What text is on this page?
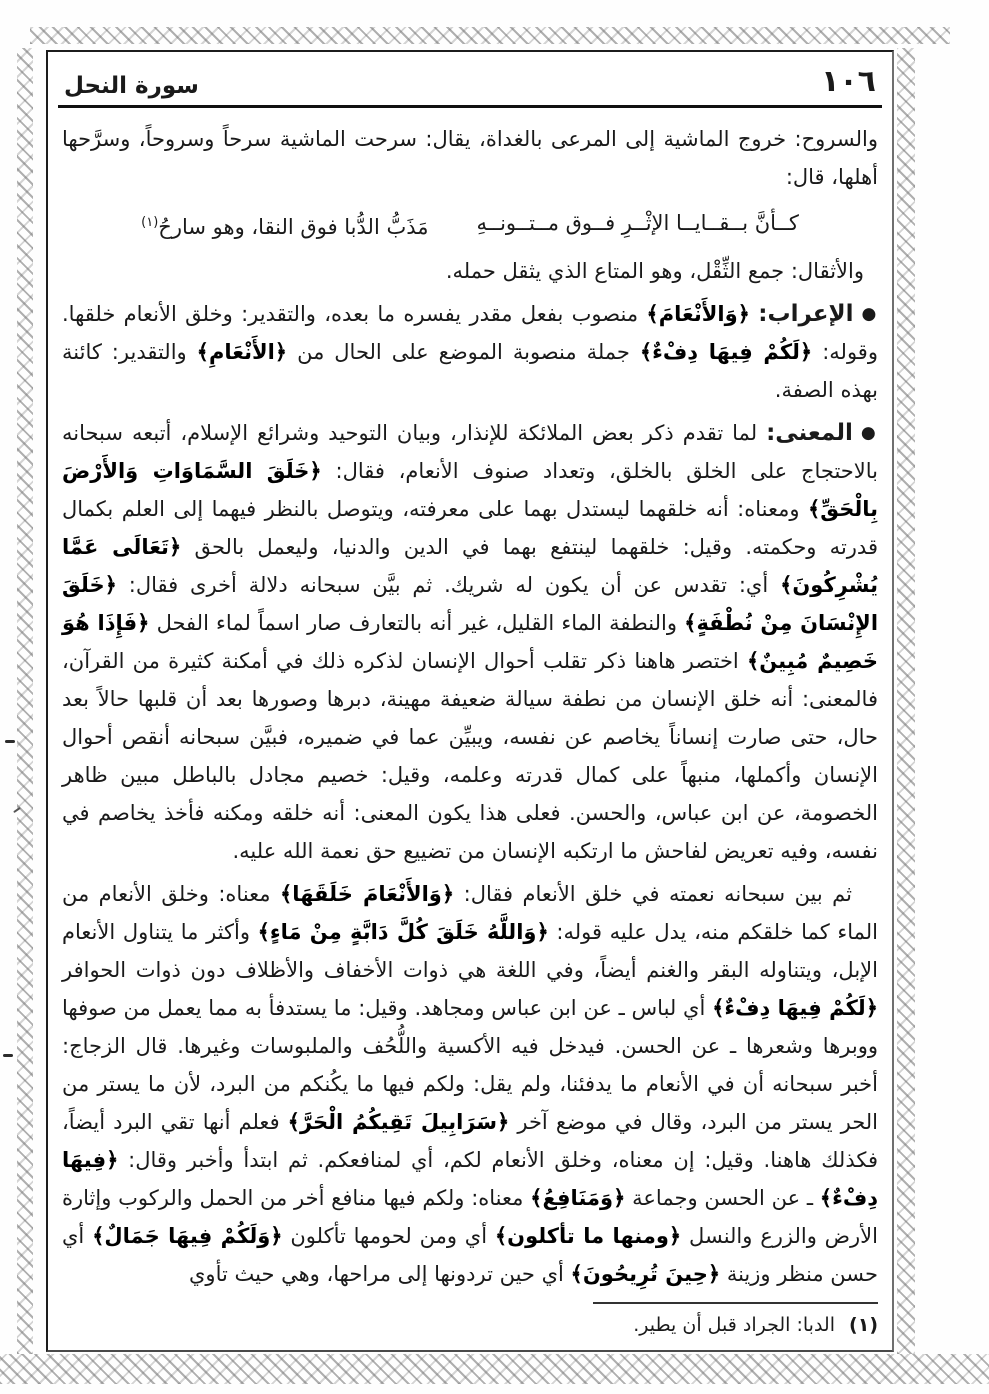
١٠٦
سورة النحل

والسروح: خروج الماشية إلى المرعى بالغداة، يقال: سرحت الماشية سرحاً وسروحاً، وسرَّحها أهلها، قال:

كــأنَّ بــقــايــا الإثْــرِ فــوق مــتــونــهِ
مَذَبُّ الدُّبا فوق النقا، وهو سارحُ$^{(١)}$

والأثقال: جمع الثِّقْل، وهو المتاع الذي يثقل حمله.

●الإعراب: ﴿وَالأَنْعَامَ﴾ منصوب بفعل مقدر يفسره ما بعده، والتقدير: وخلق الأنعام خلقها. وقوله: ﴿لَكُمْ فِيهَا دِفْءٌ﴾ جملة منصوبة الموضع على الحال من ﴿الأَنْعَامِ﴾ والتقدير: كائنة بهذه الصفة.

●المعنى: لما تقدم ذكر بعض الملائكة للإنذار، وبيان التوحيد وشرائع الإسلام، أتبعه سبحانه بالاحتجاج على الخلق بالخلق، وتعداد صنوف الأنعام، فقال: ﴿خَلَقَ السَّمَاوَاتِ وَالأَرْضَ بِالْحَقِّ﴾ ومعناه: أنه خلقهما ليستدل بهما على معرفته، ويتوصل بالنظر فيهما إلى العلم بكمال قدرته وحكمته. وقيل: خلقهما لينتفع بهما في الدين والدنيا، وليعمل بالحق ﴿تَعَالَى عَمَّا يُشْرِكُونَ﴾ أي: تقدس عن أن يكون له شريك. ثم بيَّن سبحانه دلالة أخرى فقال: ﴿خَلَقَ الإِنْسَانَ مِنْ نُطْفَةٍ﴾ والنطفة الماء القليل، غير أنه بالتعارف صار اسماً لماء الفحل ﴿فَإِذَا هُوَ خَصِيمٌ مُبِينٌ﴾ اختصر هاهنا ذكر تقلب أحوال الإنسان لذكره ذلك في أمكنة كثيرة من القرآن، فالمعنى: أنه خلق الإنسان من نطفة سيالة ضعيفة مهينة، دبرها وصورها بعد أن قلبها حالاً بعد حال، حتى صارت إنساناً يخاصم عن نفسه، ويبيِّن عما في ضميره، فبيَّن سبحانه أنقص أحوال الإنسان وأكملها، منبهاً على كمال قدرته وعلمه، وقيل: خصيم مجادل بالباطل مبين ظاهر الخصومة، عن ابن عباس، والحسن. فعلى هذا يكون المعنى: أنه خلقه ومكنه فأخذ يخاصم في نفسه، وفيه تعريض لفاحش ما ارتكبه الإنسان من تضييع حق نعمة الله عليه.

ثم بين سبحانه نعمته في خلق الأنعام فقال: ﴿وَالأَنْعَامَ خَلَقَهَا﴾ معناه: وخلق الأنعام من الماء كما خلقكم منه، يدل عليه قوله: ﴿وَاللَّهُ خَلَقَ كُلَّ دَابَّةٍ مِنْ مَاءٍ﴾ وأكثر ما يتناول الأنعام الإبل، ويتناوله البقر والغنم أيضاً، وفي اللغة هي ذوات الأخفاف والأظلاف دون ذوات الحوافر ﴿لَكُمْ فِيهَا دِفْءٌ﴾ أي لباس ـ عن ابن عباس ومجاهد. وقيل: ما يستدفأ به مما يعمل من صوفها ووبرها وشعرها ـ عن الحسن. فيدخل فيه الأكسية واللُّحُف والملبوسات وغيرها. قال الزجاج: أخبر سبحانه أن في الأنعام ما يدفئنا، ولم يقل: ولكم فيها ما يكُنكم من البرد، لأن ما يستر من الحر يستر من البرد، وقال في موضع آخر ﴿سَرَابِيلَ تَقِيكُمُ الْحَرَّ﴾ فعلم أنها تقي البرد أيضاً، فكذلك هاهنا. وقيل: إن معناه، وخلق الأنعام لكم، أي لمنافعكم. ثم ابتدأ وأخبر وقال: ﴿فِيهَا دِفْءٌ﴾ ـ عن الحسن وجماعة ﴿وَمَنَافِعُ﴾ معناه: ولكم فيها منافع أخر من الحمل والركوب وإثارة الأرض والزرع والنسل ﴿ومنها ما تأكلون﴾ أي ومن لحومها تأكلون ﴿وَلَكُمْ فِيهَا جَمَالٌ﴾ أي حسن منظر وزينة ﴿حِينَ تُرِيحُونَ﴾ أي حين تردونها إلى مراحها، وهي حيث تأوي

(١)
الدبا: الجراد قبل أن يطير.
